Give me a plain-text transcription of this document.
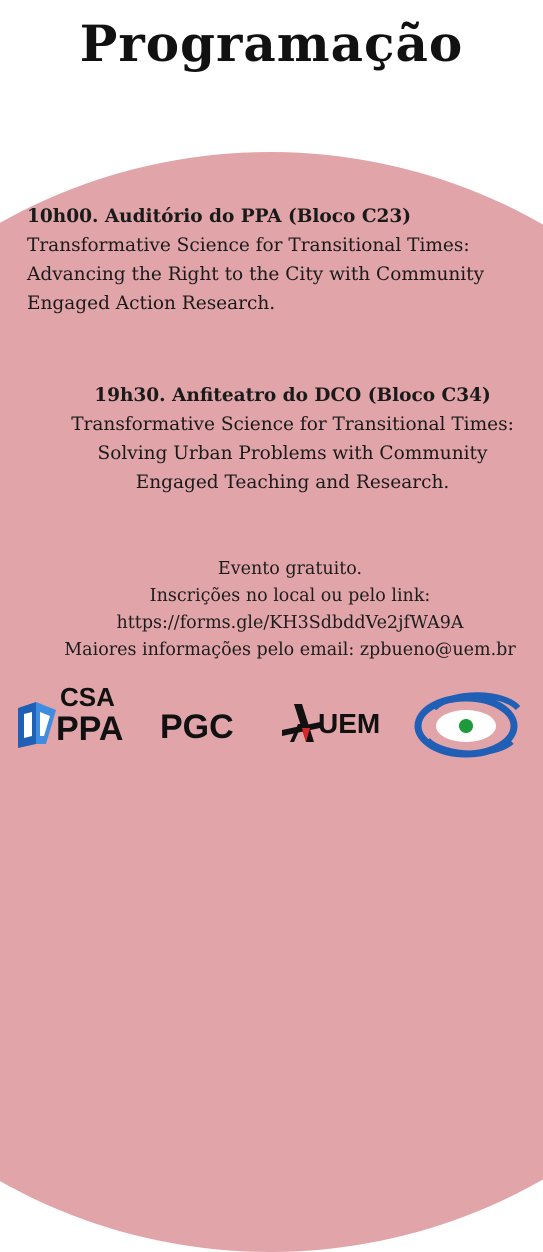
Programação
10h00. Auditório do PPA (Bloco C23)
Transformative Science for Transitional Times:
Advancing the Right to the City with Community
Engaged Action Research.
19h30. Anfiteatro do DCO (Bloco C34)
Transformative Science for Transitional Times:
Solving Urban Problems with Community
Engaged Teaching and Research.
Evento gratuito.
Inscrições no local ou pelo link:
https://forms.gle/KH3SdbddVe2jfWA9A
Maiores informações pelo email: zpbueno@uem.br
CSA
PPA PGC	UEM
